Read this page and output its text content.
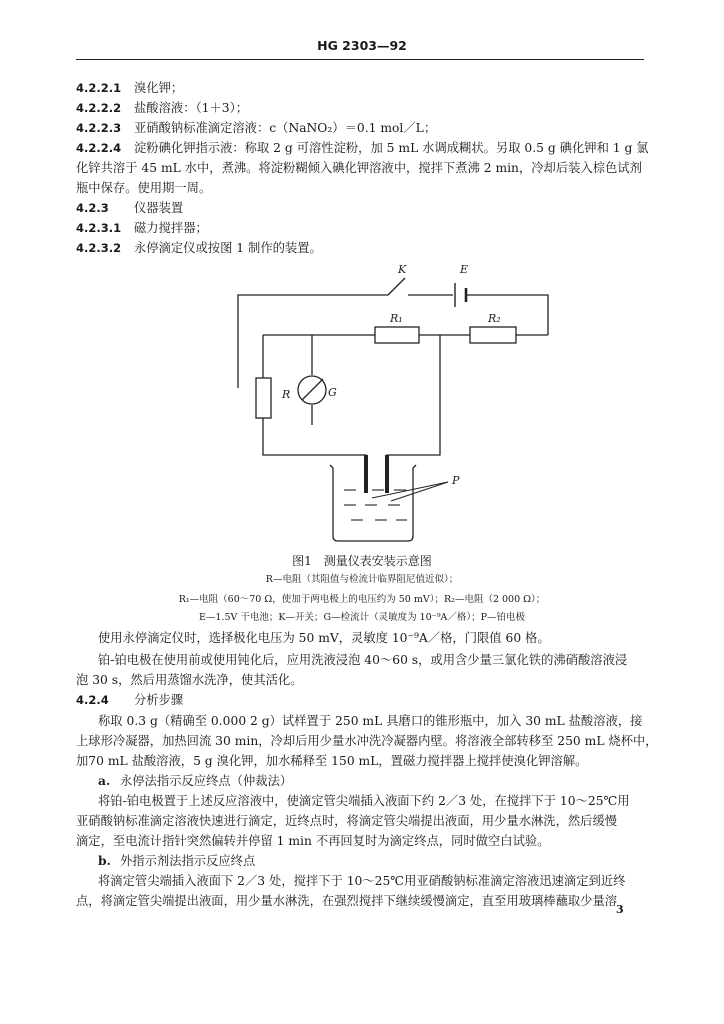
HG 2303—92
4.2.2.1 溴化钾；
4.2.2.2 盐酸溶液：（1＋3）；
4.2.2.3 亚硝酸钠标准滴定溶液：c（NaNO₂）＝0.1 mol／L；
4.2.2.4 淀粉碘化钾指示液：称取 2 g 可溶性淀粉，加 5 mL 水调成糊状。另取 0.5 g 碘化钾和 1 g 氯
化锌共溶于 45 mL 水中，煮沸。将淀粉糊倾入碘化钾溶液中，搅拌下煮沸 2 min，冷却后装入棕色试剂
瓶中保存。使用期一周。
4.2.3 仪器装置
4.2.3.1 磁力搅拌器；
4.2.3.2 永停滴定仪或按图 1 制作的装置。
K	E
R₁	R₂
R	G
P
图1　测量仪表安装示意图
R—电阻（其阻值与检流计临界阻尼值近似）；
R₁—电阻（60～70 Ω，使加于两电极上的电压约为 50 mV）；R₂—电阻（2 000 Ω）；
E—1.5V 干电池；K—开关；G—检流计（灵敏度为 10⁻⁹A／格）；P—铂电极
使用永停滴定仪时，选择极化电压为 50 mV，灵敏度 10⁻⁹A／格，门限值 60 格。
铂-铂电极在使用前或使用钝化后，应用洗液浸泡 40～60 s，或用含少量三氯化铁的沸硝酸溶液浸
泡 30 s，然后用蒸馏水洗净，使其活化。
4.2.4 分析步骤
称取 0.3 g（精确至 0.000 2 g）试样置于 250 mL 具磨口的锥形瓶中，加入 30 mL 盐酸溶液，接
上球形冷凝器，加热回流 30 min，冷却后用少量水冲洗冷凝器内壁。将溶液全部转移至 250 mL 烧杯中，
加70 mL 盐酸溶液，5 g 溴化钾，加水稀释至 150 mL，置磁力搅拌器上搅拌使溴化钾溶解。
a. 永停法指示反应终点（仲裁法）
将铂-铂电极置于上述反应溶液中，使滴定管尖端插入液面下约 2／3 处，在搅拌下于 10～25℃用
亚硝酸钠标准滴定溶液快速进行滴定，近终点时，将滴定管尖端提出液面，用少量水淋洗，然后缓慢
滴定，至电流计指针突然偏转并停留 1 min 不再回复时为滴定终点，同时做空白试验。
b. 外指示剂法指示反应终点
将滴定管尖端插入液面下 2／3 处，搅拌下于 10～25℃用亚硝酸钠标准滴定溶液迅速滴定到近终
点，将滴定管尖端提出液面，用少量水淋洗，在强烈搅拌下继续缓慢滴定，直至用玻璃棒蘸取少量溶
3
